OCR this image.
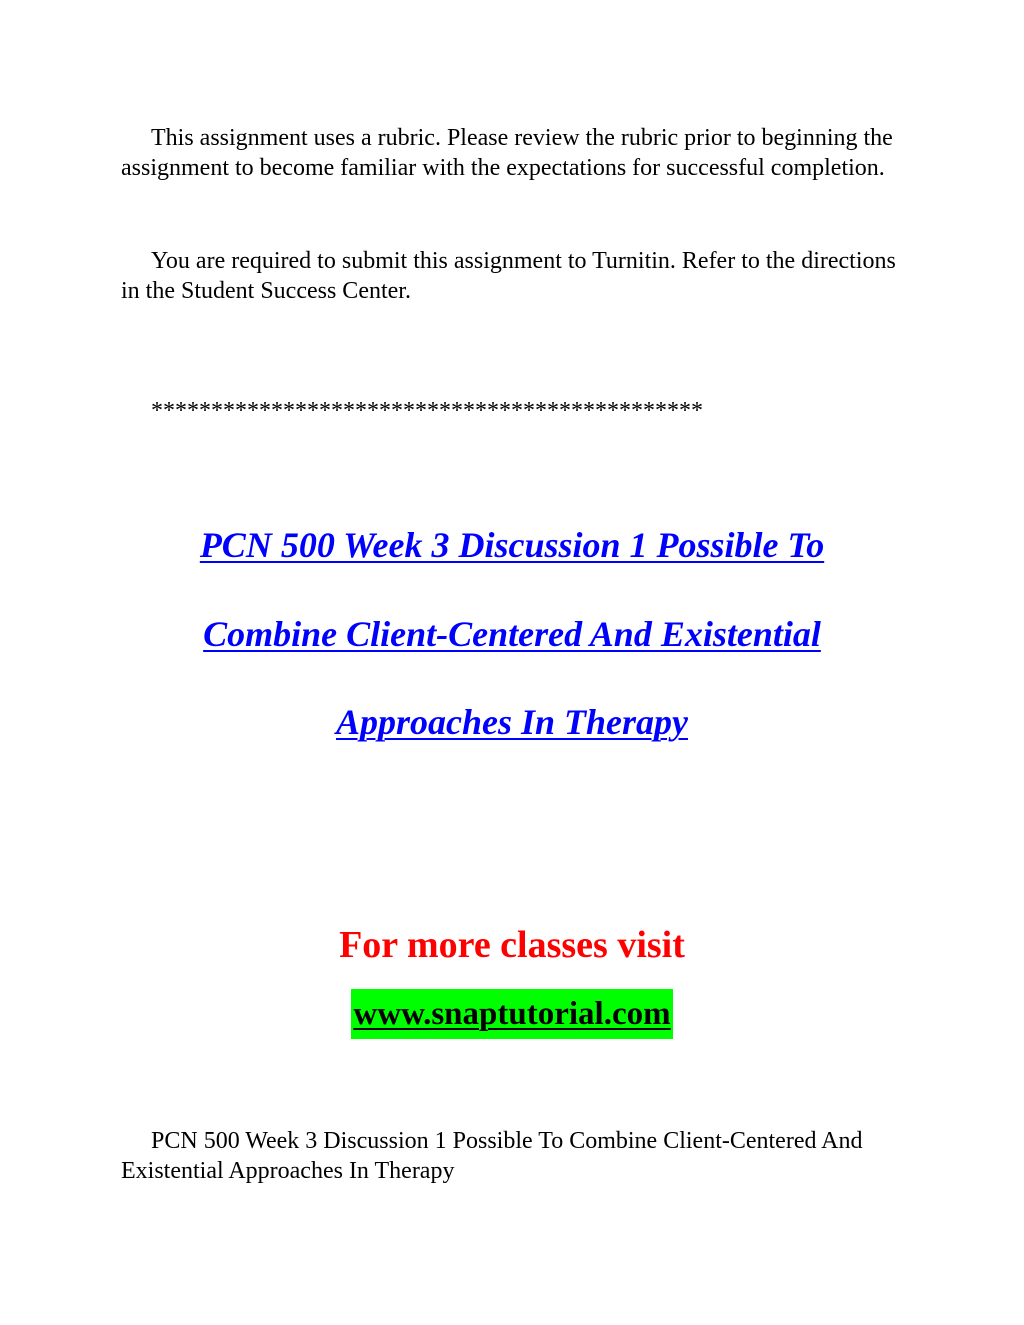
This assignment uses a rubric. Please review the rubric prior to beginning the assignment to become familiar with the expectations for successful completion.

You are required to submit this assignment to Turnitin. Refer to the directions in the Student Success Center.

**********************************************

PCN 500 Week 3 Discussion 1 Possible To
Combine Client-Centered And Existential
Approaches In Therapy

For more classes visit

www.snaptutorial.com

PCN 500 Week 3 Discussion 1 Possible To Combine Client-Centered And Existential Approaches In Therapy
